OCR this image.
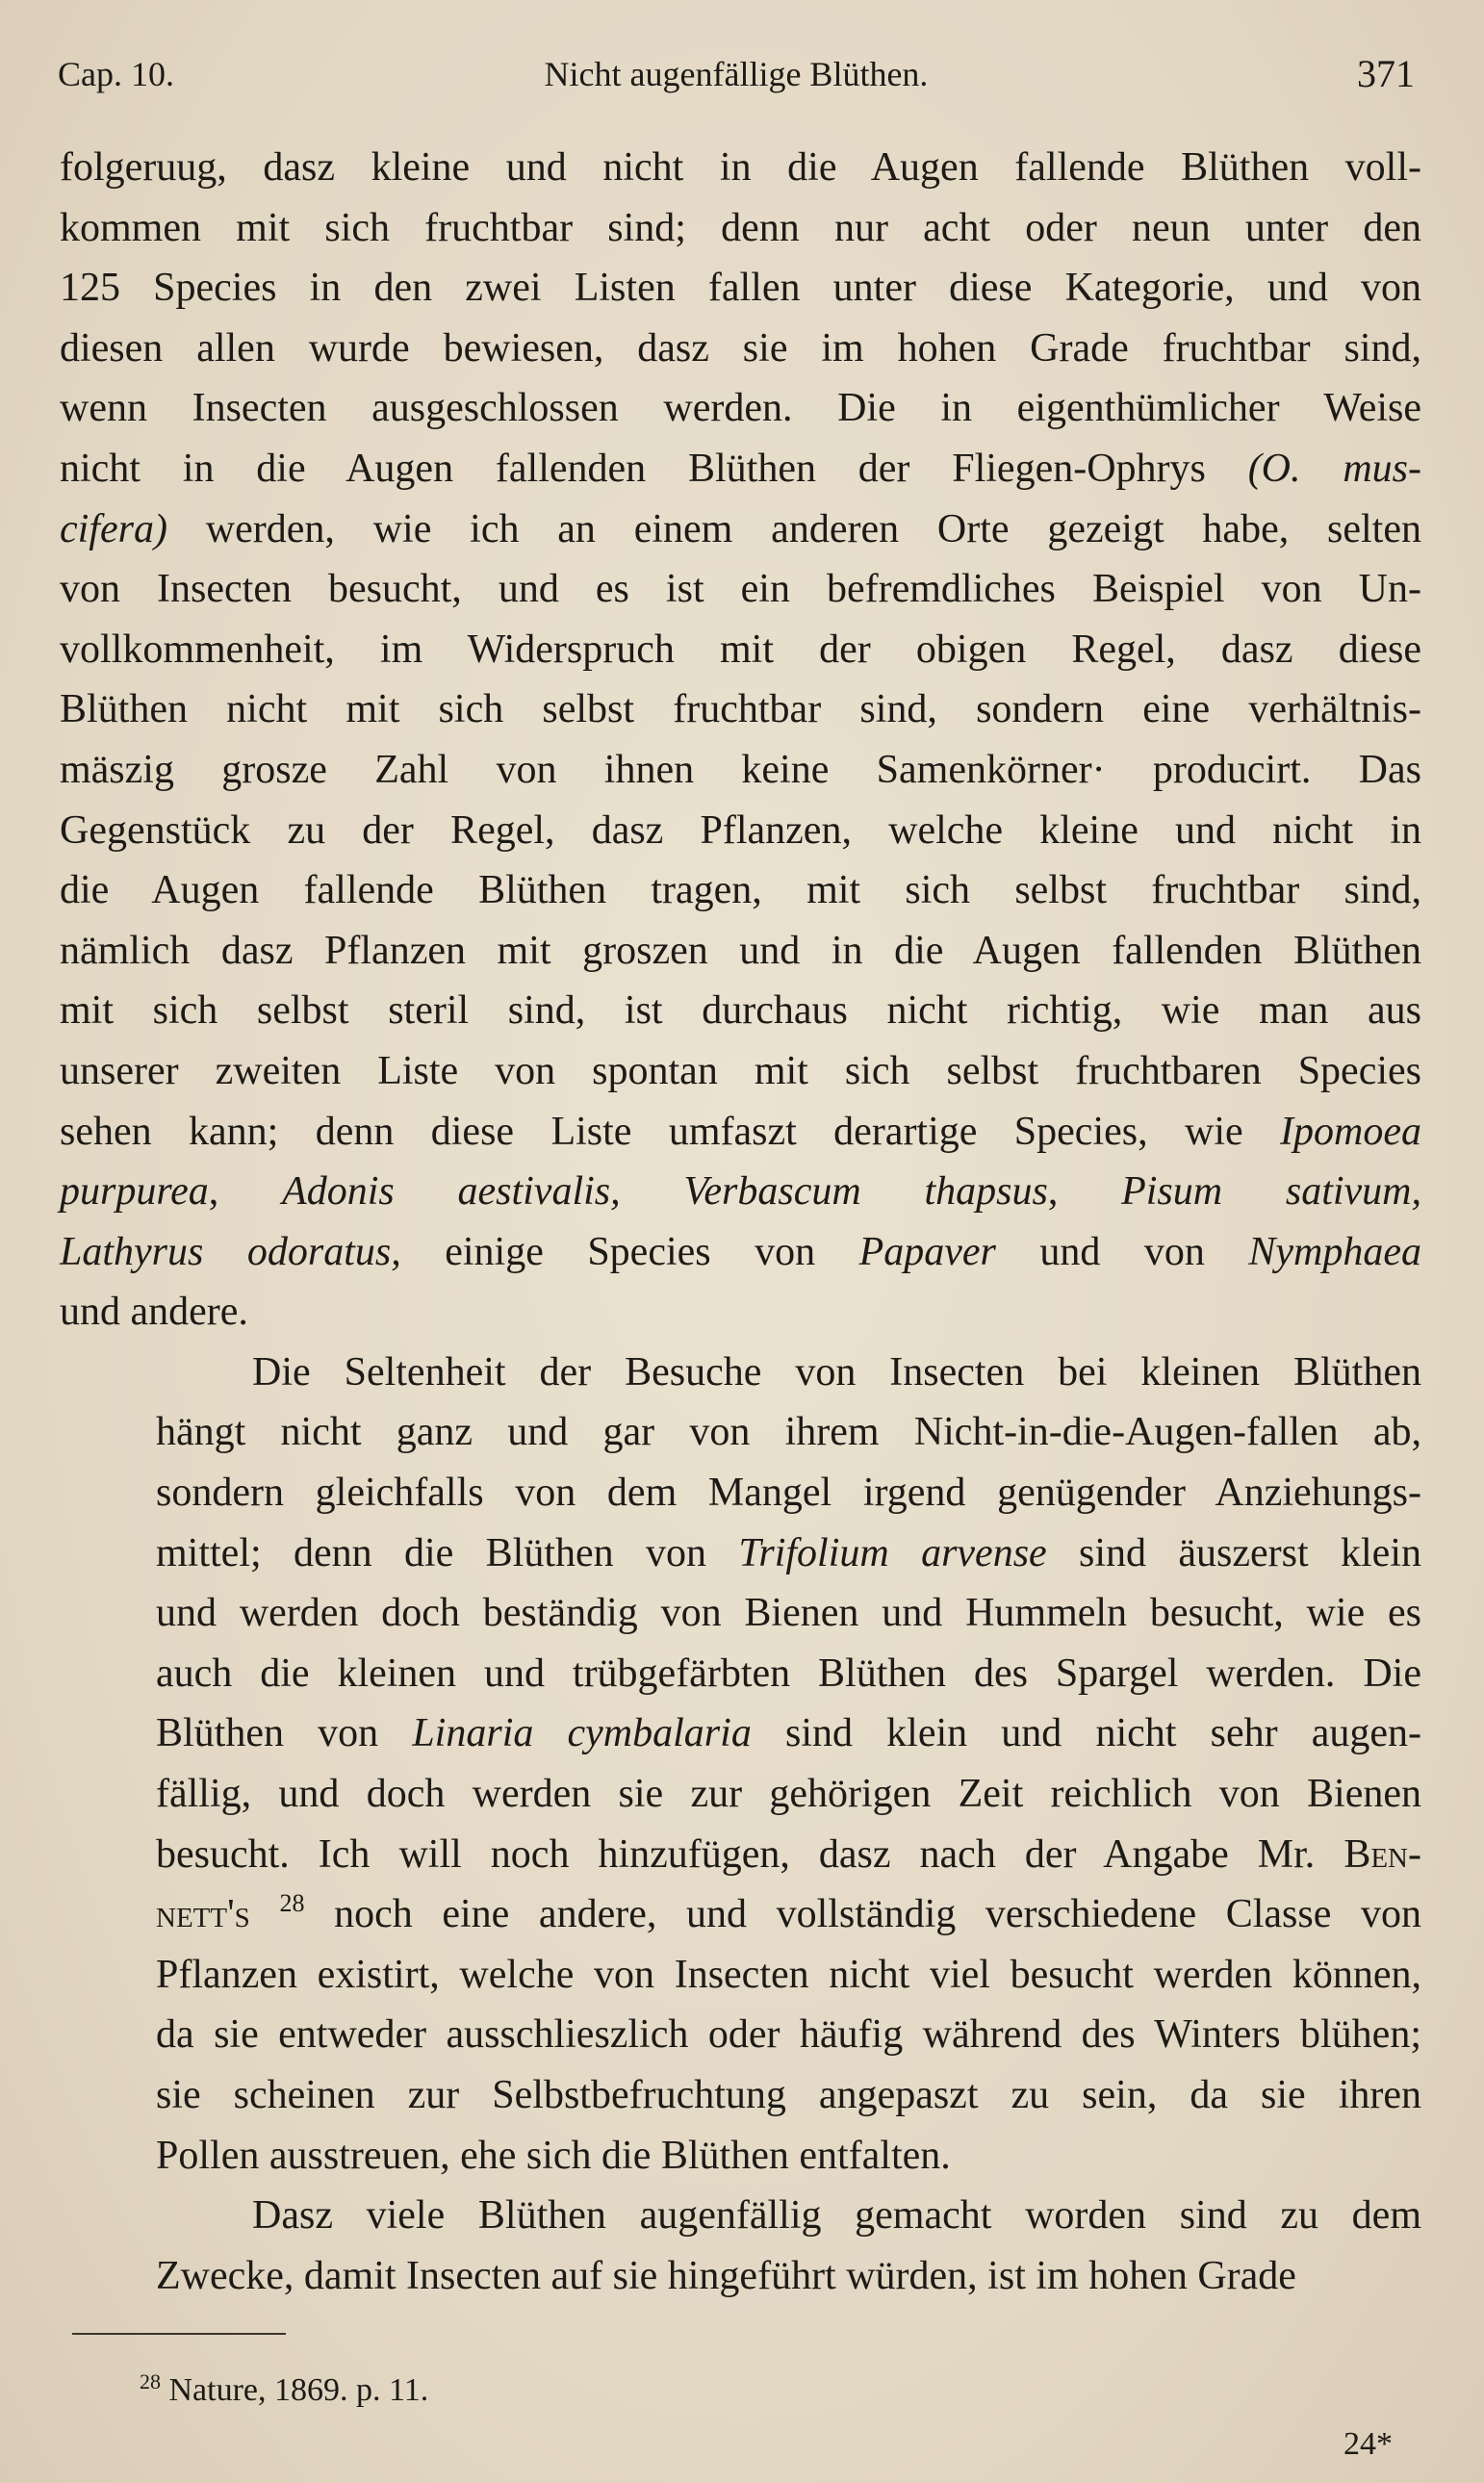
Cap. 10.	Nicht augenfällige Blüthen.	371

folgeruug, dasz kleine und nicht in die Augen fallende Blüthen voll-
kommen mit sich fruchtbar sind; denn nur acht oder neun unter den
125 Species in den zwei Listen fallen unter diese Kategorie, und von
diesen allen wurde bewiesen, dasz sie im hohen Grade fruchtbar sind,
wenn Insecten ausgeschlossen werden. Die in eigenthümlicher Weise
nicht in die Augen fallenden Blüthen der Fliegen-Ophrys (O. mus-
cifera) werden, wie ich an einem anderen Orte gezeigt habe, selten
von Insecten besucht, und es ist ein befremdliches Beispiel von Un-
vollkommenheit, im Widerspruch mit der obigen Regel, dasz diese
Blüthen nicht mit sich selbst fruchtbar sind, sondern eine verhältnis-
mäszig grosze Zahl von ihnen keine Samenkörner· producirt. Das
Gegenstück zu der Regel, dasz Pflanzen, welche kleine und nicht in
die Augen fallende Blüthen tragen, mit sich selbst fruchtbar sind,
nämlich dasz Pflanzen mit groszen und in die Augen fallenden Blüthen
mit sich selbst steril sind, ist durchaus nicht richtig, wie man aus
unserer zweiten Liste von spontan mit sich selbst fruchtbaren Species
sehen kann; denn diese Liste umfaszt derartige Species, wie Ipomoea
purpurea, Adonis aestivalis, Verbascum thapsus, Pisum sativum,
Lathyrus odoratus, einige Species von Papaver und von Nymphaea
und andere.

Die Seltenheit der Besuche von Insecten bei kleinen Blüthen
hängt nicht ganz und gar von ihrem Nicht-in-die-Augen-fallen ab,
sondern gleichfalls von dem Mangel irgend genügender Anziehungs-
mittel; denn die Blüthen von Trifolium arvense sind äuszerst klein
und werden doch beständig von Bienen und Hummeln besucht, wie es
auch die kleinen und trübgefärbten Blüthen des Spargel werden. Die
Blüthen von Linaria cymbalaria sind klein und nicht sehr augen-
fällig, und doch werden sie zur gehörigen Zeit reichlich von Bienen
besucht. Ich will noch hinzufügen, dasz nach der Angabe Mr. Ben-
nett's $^{28}$ noch eine andere, und vollständig verschiedene Classe von
Pflanzen existirt, welche von Insecten nicht viel besucht werden können,
da sie entweder ausschlieszlich oder häufig während des Winters blühen;
sie scheinen zur Selbstbefruchtung angepaszt zu sein, da sie ihren
Pollen ausstreuen, ehe sich die Blüthen entfalten.

Dasz viele Blüthen augenfällig gemacht worden sind zu dem
Zwecke, damit Insecten auf sie hingeführt würden, ist im hohen Grade

$^{28}$ Nature, 1869. p. 11.
24*
